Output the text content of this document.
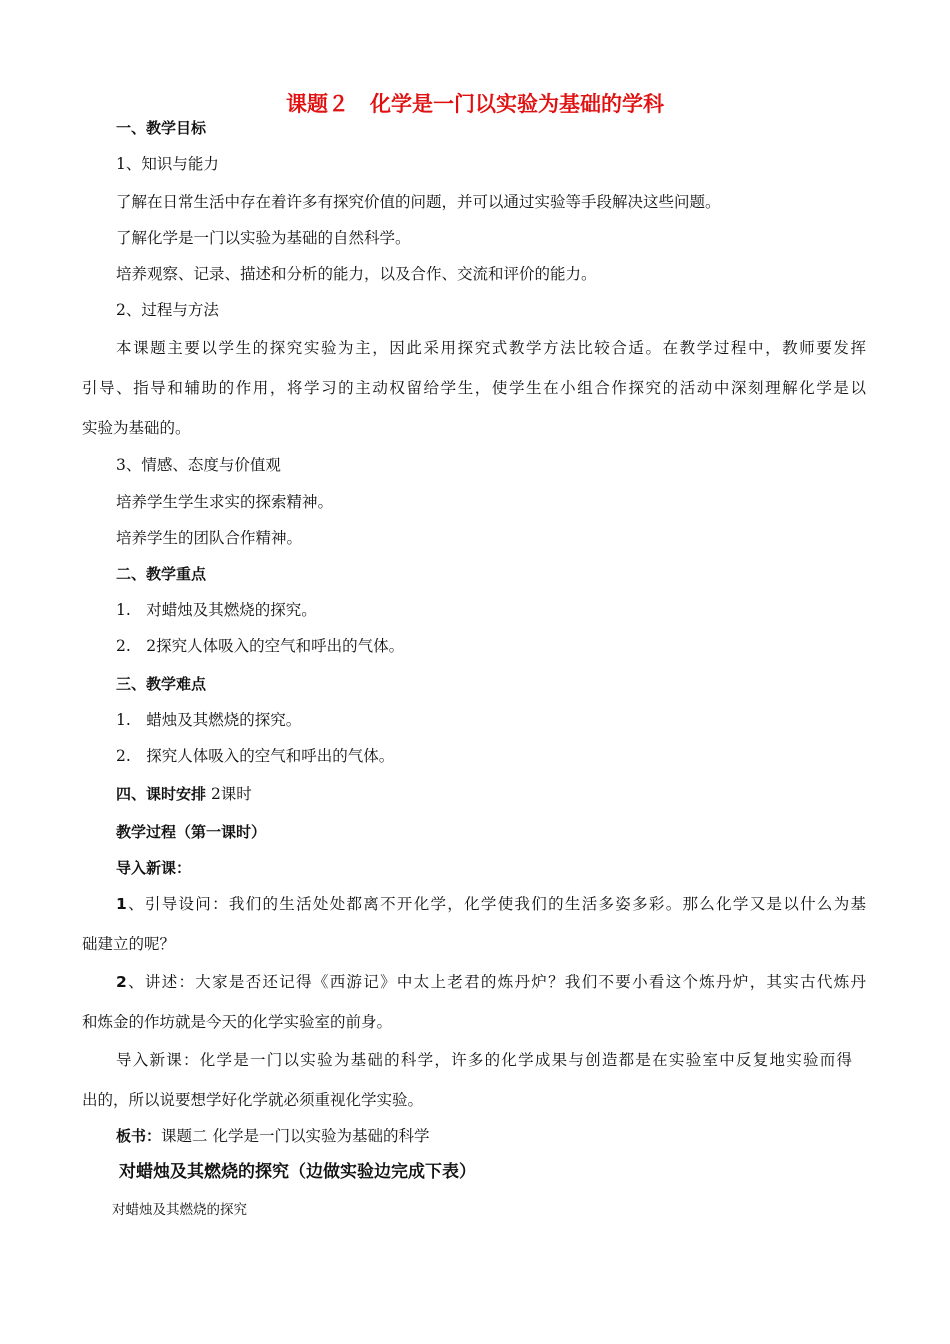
课题２　化学是一门以实验为基础的学科
一、教学目标
1、知识与能力
了解在日常生活中存在着许多有探究价值的问题，并可以通过实验等手段解决这些问题。
了解化学是一门以实验为基础的自然科学。
培养观察、记录、描述和分析的能力，以及合作、交流和评价的能力。
2、过程与方法
本课题主要以学生的探究实验为主，因此采用探究式教学方法比较合适。在教学过程中，教师要发挥
引导、指导和辅助的作用，将学习的主动权留给学生，使学生在小组合作探究的活动中深刻理解化学是以
实验为基础的。
3、情感、态度与价值观
培养学生学生求实的探索精神。
培养学生的团队合作精神。
二、教学重点
1.　对蜡烛及其燃烧的探究。
2.　2探究人体吸入的空气和呼出的气体。
三、教学难点
1.　蜡烛及其燃烧的探究。
2.　探究人体吸入的空气和呼出的气体。
四、课时安排 2课时
教学过程（第一课时）
导入新课：
1、引导设问：我们的生活处处都离不开化学，化学使我们的生活多姿多彩。那么化学又是以什么为基
础建立的呢？
2、讲述：大家是否还记得《西游记》中太上老君的炼丹炉？我们不要小看这个炼丹炉，其实古代炼丹
和炼金的作坊就是今天的化学实验室的前身。
导入新课：化学是一门以实验为基础的科学，许多的化学成果与创造都是在实验室中反复地实验而得
出的，所以说要想学好化学就必须重视化学实验。
板书：课题二 化学是一门以实验为基础的科学
对蜡烛及其燃烧的探究（边做实验边完成下表）
对蜡烛及其燃烧的探究
